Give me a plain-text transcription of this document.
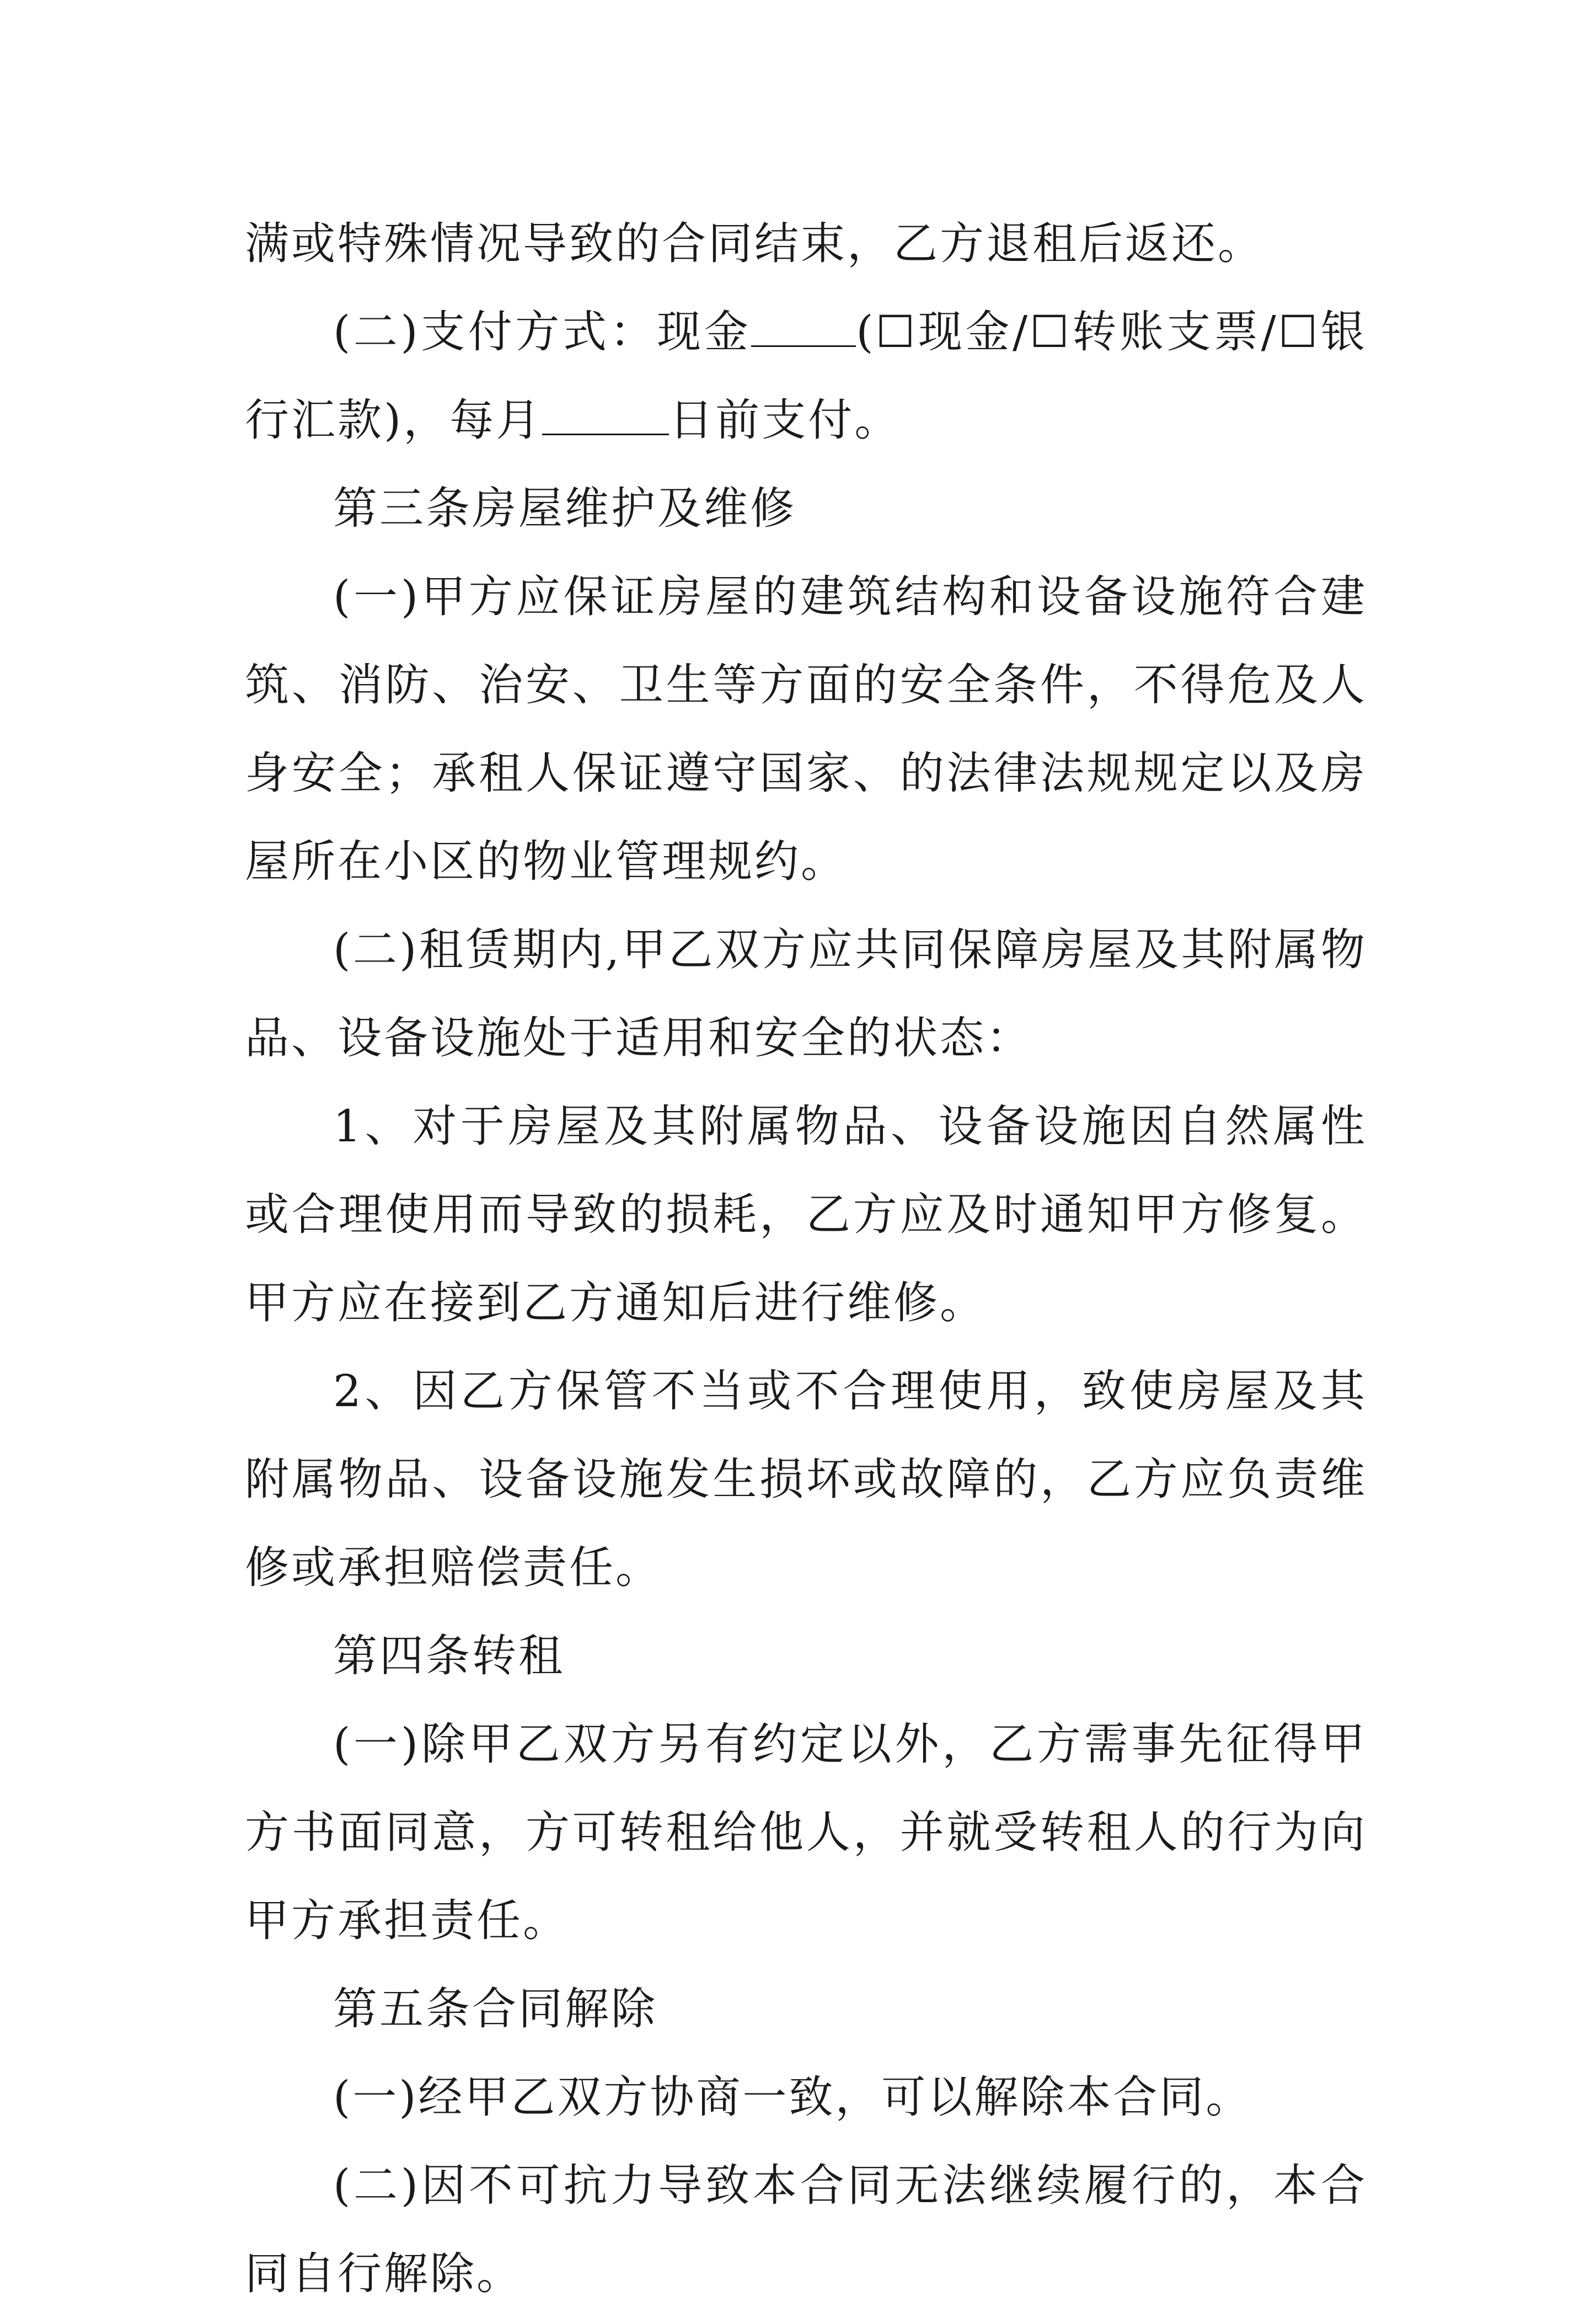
满或特殊情况导致的合同结束，乙方退租后返还。

(二)支付方式：现金 (☐现金/☐转账支票/☐银行汇款)，每月	日前支付。

第三条房屋维护及维修

(一)甲方应保证房屋的建筑结构和设备设施符合建筑、消防、治安、卫生等方面的安全条件，不得危及人身安全；承租人保证遵守国家、的法律法规规定以及房屋所在小区的物业管理规约。

(二)租赁期内,甲乙双方应共同保障房屋及其附属物品、设备设施处于适用和安全的状态：

1、对于房屋及其附属物品、设备设施因自然属性或合理使用而导致的损耗，乙方应及时通知甲方修复。甲方应在接到乙方通知后进行维修。

2、因乙方保管不当或不合理使用，致使房屋及其附属物品、设备设施发生损坏或故障的，乙方应负责维修或承担赔偿责任。

第四条转租

(一)除甲乙双方另有约定以外，乙方需事先征得甲方书面同意，方可转租给他人，并就受转租人的行为向甲方承担责任。

第五条合同解除

(一)经甲乙双方协商一致，可以解除本合同。

(二)因不可抗力导致本合同无法继续履行的，本合同自行解除。
